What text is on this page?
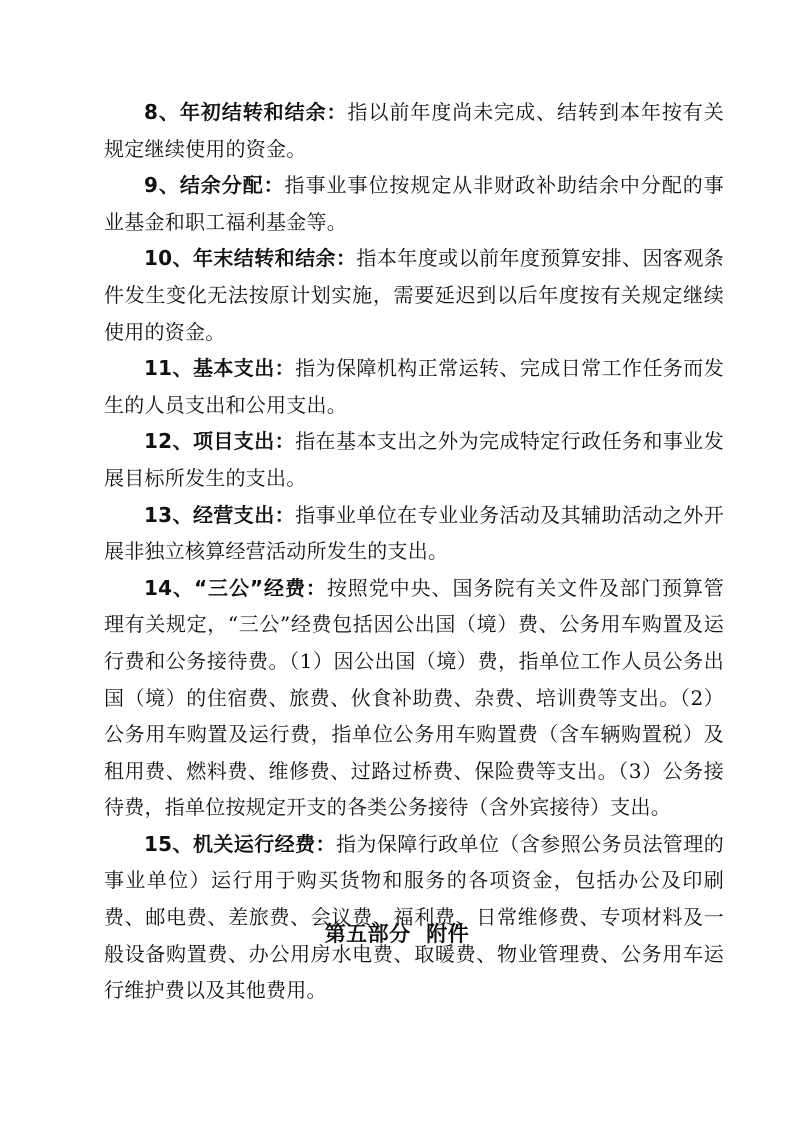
8、年初结转和结余：指以前年度尚未完成、结转到本年按有关规定继续使用的资金。

9、结余分配：指事业事位按规定从非财政补助结余中分配的事业基金和职工福利基金等。

10、年末结转和结余：指本年度或以前年度预算安排、因客观条件发生变化无法按原计划实施，需要延迟到以后年度按有关规定继续使用的资金。

11、基本支出：指为保障机构正常运转、完成日常工作任务而发生的人员支出和公用支出。

12、项目支出：指在基本支出之外为完成特定行政任务和事业发展目标所发生的支出。

13、经营支出：指事业单位在专业业务活动及其辅助活动之外开展非独立核算经营活动所发生的支出。

14、“三公”经费：按照党中央、国务院有关文件及部门预算管理有关规定，“三公”经费包括因公出国（境）费、公务用车购置及运行费和公务接待费。（1）因公出国（境）费，指单位工作人员公务出国（境）的住宿费、旅费、伙食补助费、杂费、培训费等支出。（2）公务用车购置及运行费，指单位公务用车购置费（含车辆购置税）及租用费、燃料费、维修费、过路过桥费、保险费等支出。（3）公务接待费，指单位按规定开支的各类公务接待（含外宾接待）支出。

15、机关运行经费：指为保障行政单位（含参照公务员法管理的事业单位）运行用于购买货物和服务的各项资金，包括办公及印刷费、邮电费、差旅费、会议费、福利费、日常维修费、专项材料及一般设备购置费、办公用房水电费、取暖费、物业管理费、公务用车运行维护费以及其他费用。

第五部分  附件
